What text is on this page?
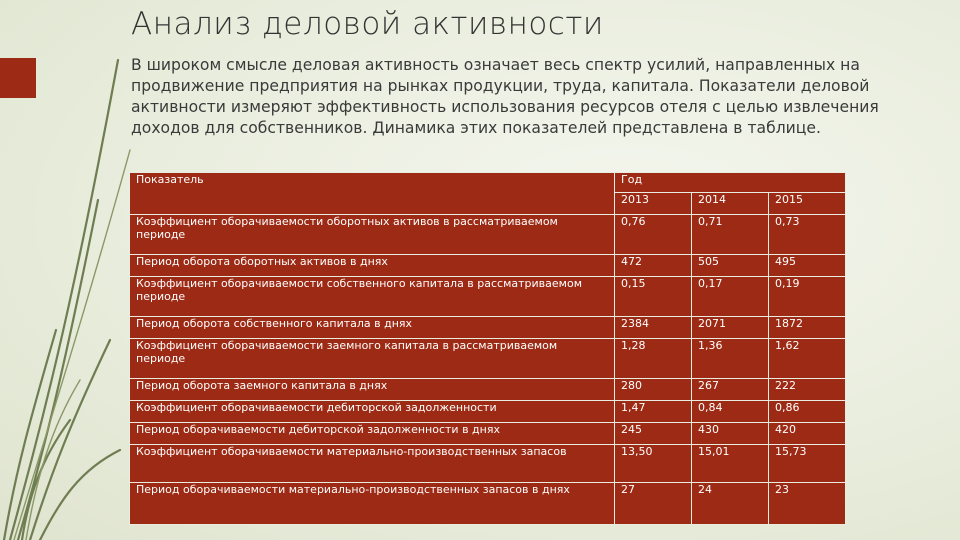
Анализ деловой активности

В широком смысле деловая активность означает весь спектр усилий, направленных на продвижение предприятия на рынках продукции, труда, капитала. Показатели деловой активности измеряют эффективность использования ресурсов отеля с целью извлечения доходов для собственников. Динамика этих показателей представлена в таблице.

Показатель	Год		
	2013	2014	2015
Коэффициент оборачиваемости оборотных активов в рассматриваемом периоде	0,76	0,71	0,73
Период оборота оборотных активов в днях	472	505	495
Коэффициент оборачиваемости собственного капитала в рассматриваемом периоде	0,15	0,17	0,19
Период оборота собственного капитала в днях	2384	2071	1872
Коэффициент оборачиваемости заемного капитала в рассматриваемом периоде	1,28	1,36	1,62
Период оборота заемного капитала в днях	280	267	222
Коэффициент оборачиваемости дебиторской задолженности	1,47	0,84	0,86
Период оборачиваемости дебиторской задолженности в днях	245	430	420
Коэффициент оборачиваемости материально-производственных запасов	13,50	15,01	15,73
Период оборачиваемости материально-производственных запасов в днях	27	24	23
